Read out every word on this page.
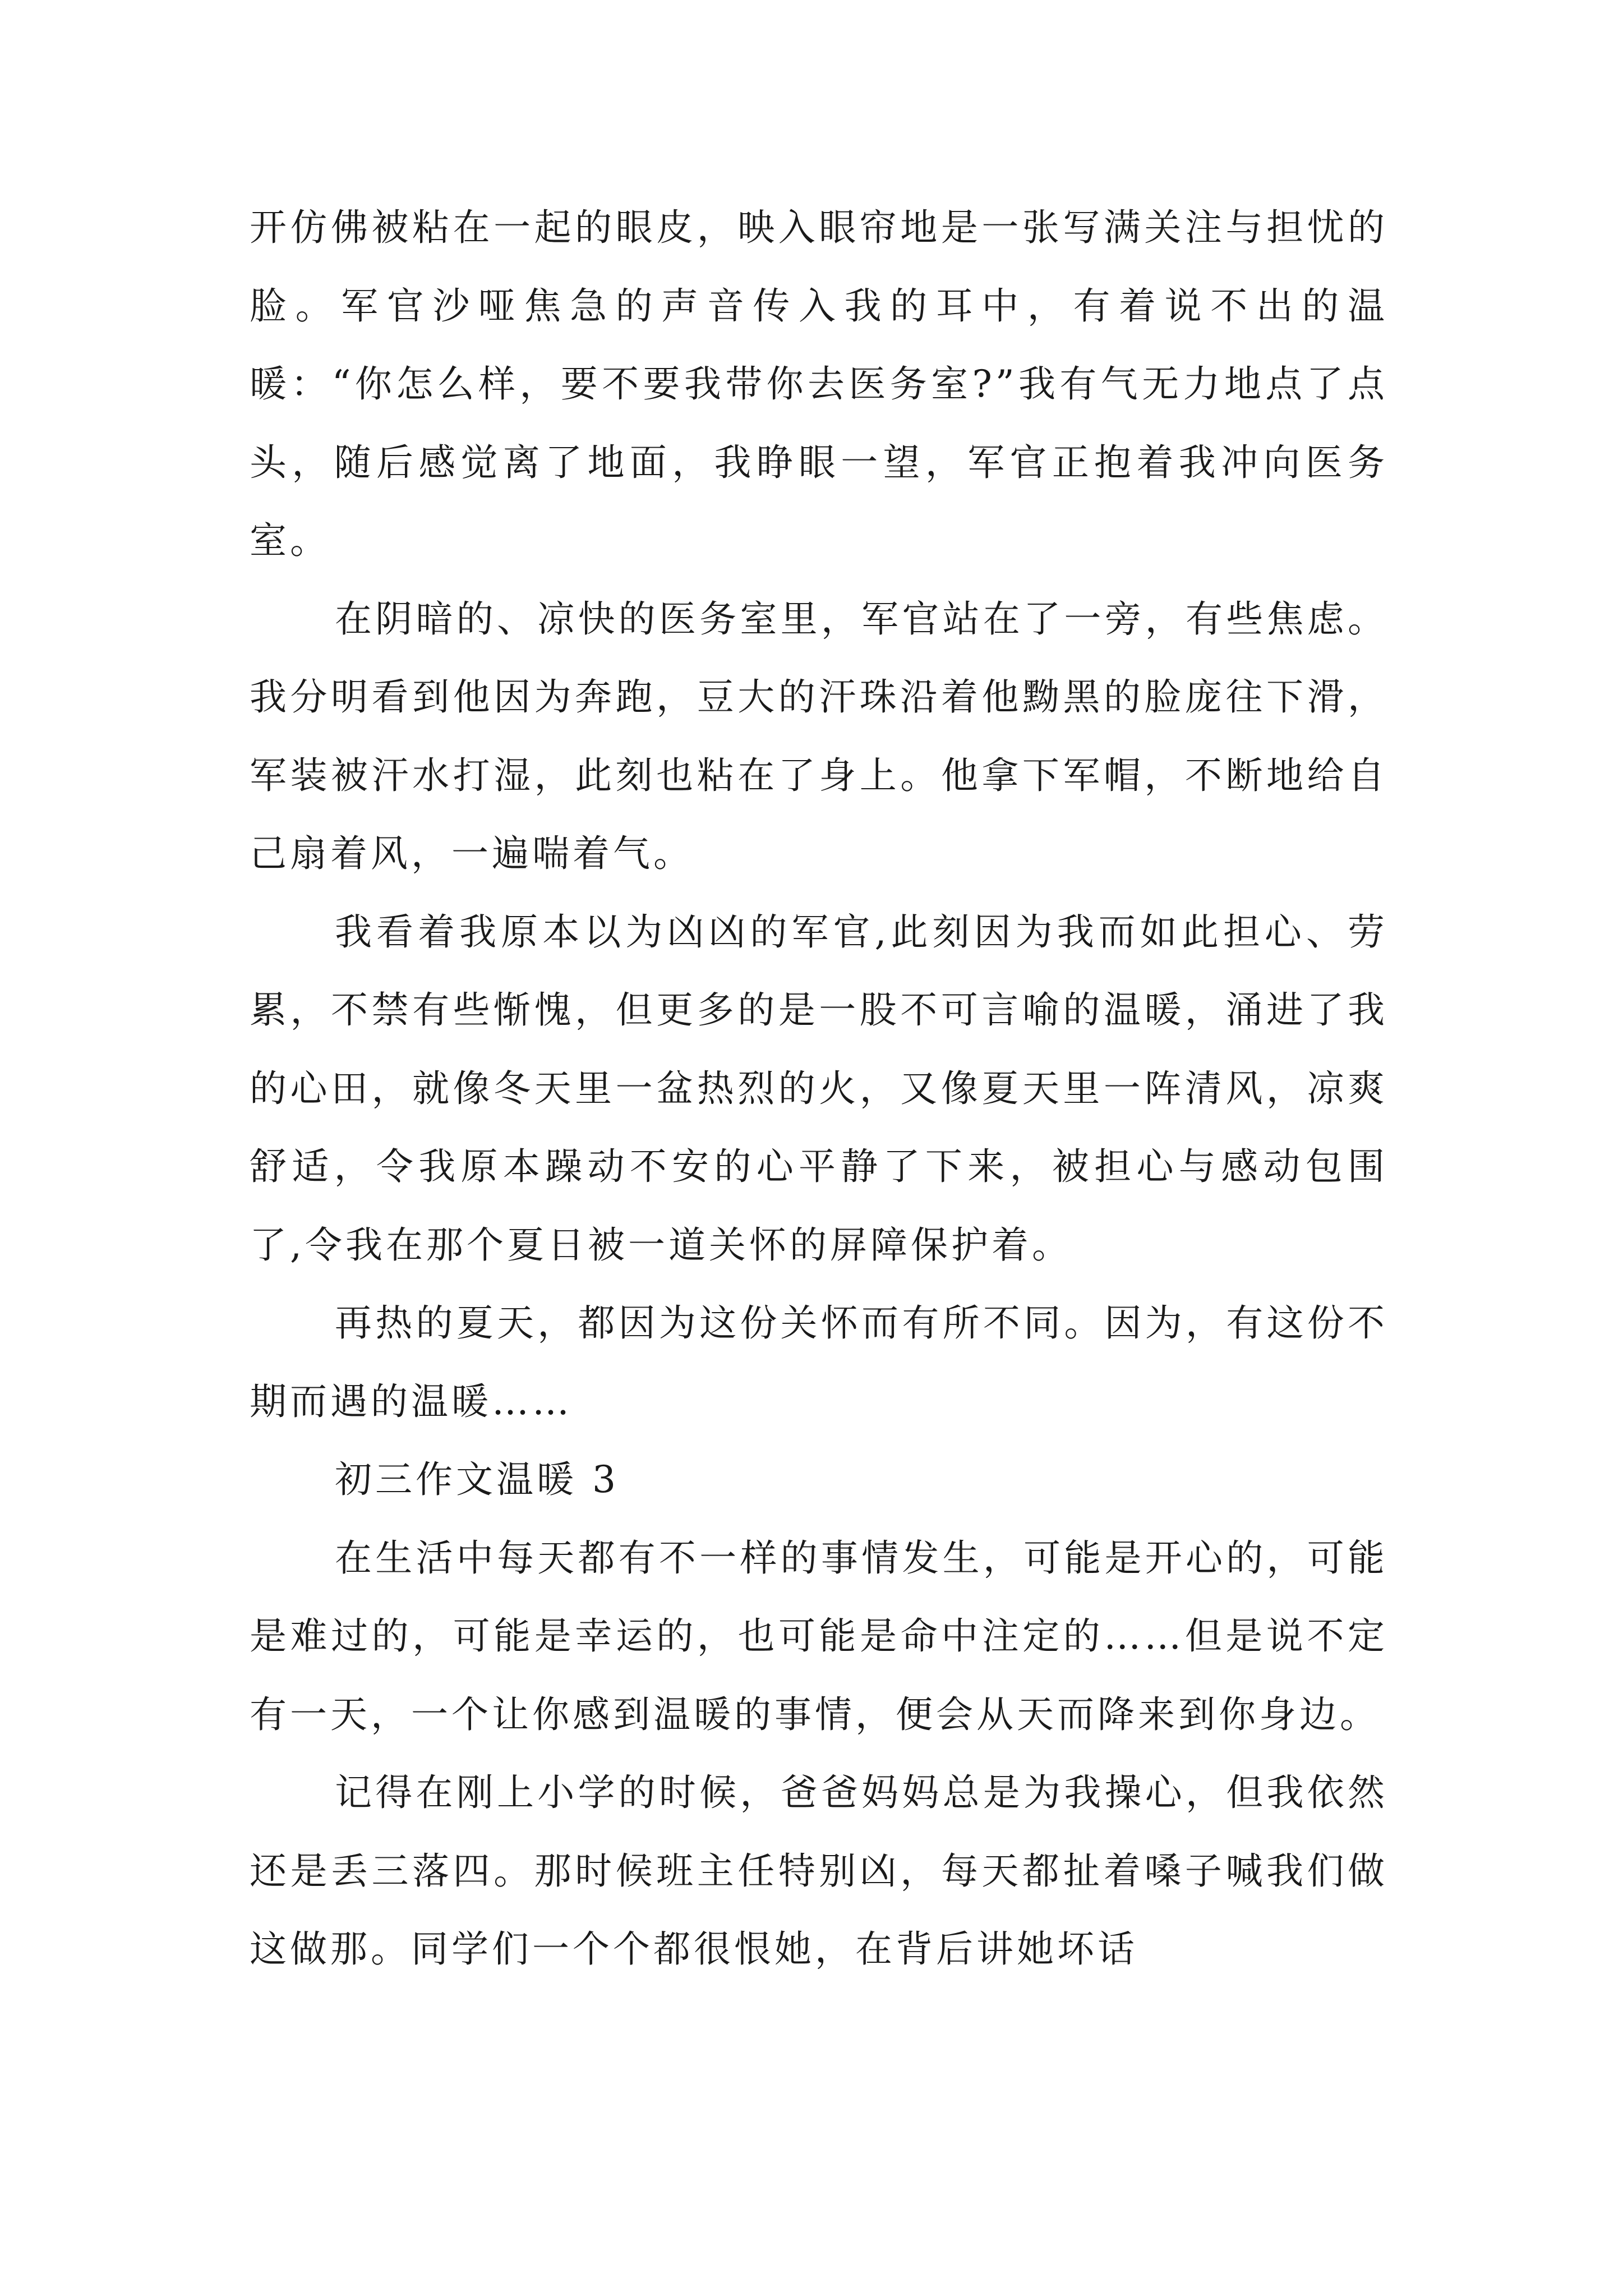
开仿佛被粘在一起的眼皮，映入眼帘地是一张写满关注与担忧的脸。军官沙哑焦急的声音传入我的耳中，有着说不出的温暖：“你怎么样，要不要我带你去医务室?”我有气无力地点了点头，随后感觉离了地面，我睁眼一望，军官正抱着我冲向医务室。

在阴暗的、凉快的医务室里，军官站在了一旁，有些焦虑。我分明看到他因为奔跑，豆大的汗珠沿着他黝黑的脸庞往下滑，军装被汗水打湿，此刻也粘在了身上。他拿下军帽，不断地给自己扇着风，一遍喘着气。

我看着我原本以为凶凶的军官,此刻因为我而如此担心、劳累，不禁有些惭愧，但更多的是一股不可言喻的温暖，涌进了我的心田，就像冬天里一盆热烈的火，又像夏天里一阵清风，凉爽舒适，令我原本躁动不安的心平静了下来，被担心与感动包围了,令我在那个夏日被一道关怀的屏障保护着。

再热的夏天，都因为这份关怀而有所不同。因为，有这份不期而遇的温暖……

初三作文温暖 3

在生活中每天都有不一样的事情发生，可能是开心的，可能是难过的，可能是幸运的，也可能是命中注定的……但是说不定有一天，一个让你感到温暖的事情，便会从天而降来到你身边。

记得在刚上小学的时候，爸爸妈妈总是为我操心，但我依然还是丢三落四。那时候班主任特别凶，每天都扯着嗓子喊我们做这做那。同学们一个个都很恨她，在背后讲她坏话
